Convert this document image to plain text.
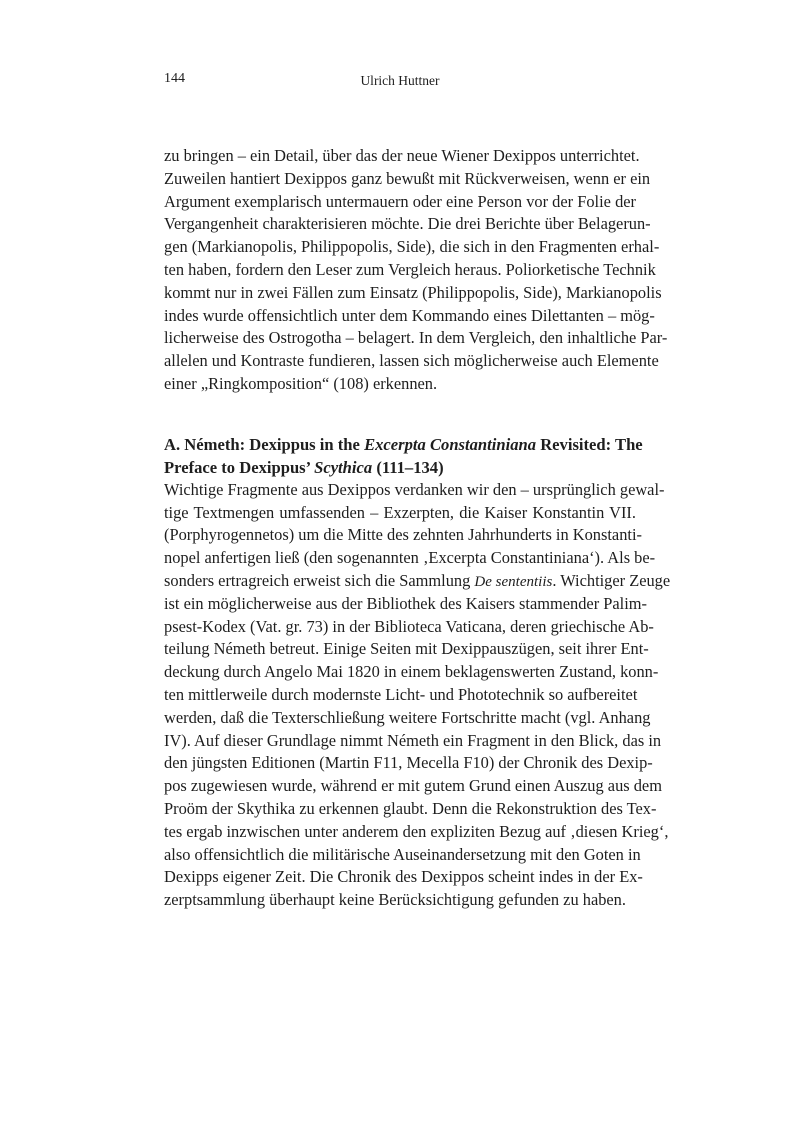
144	Ulrich Huttner

zu bringen – ein Detail, über das der neue Wiener Dexippos unterrichtet.
Zuweilen hantiert Dexippos ganz bewußt mit Rückverweisen, wenn er ein
Argument exemplarisch untermauern oder eine Person vor der Folie der
Vergangenheit charakterisieren möchte. Die drei Berichte über Belagerun-
gen (Markianopolis, Philippopolis, Side), die sich in den Fragmenten erhal-
ten haben, fordern den Leser zum Vergleich heraus. Poliorketische Technik
kommt nur in zwei Fällen zum Einsatz (Philippopolis, Side), Markianopolis
indes wurde offensichtlich unter dem Kommando eines Dilettanten – mög-
licherweise des Ostrogotha – belagert. In dem Vergleich, den inhaltliche Par-
allelen und Kontraste fundieren, lassen sich möglicherweise auch Elemente
einer „Ringkomposition“ (108) erkennen.

A. Németh: Dexippus in the Excerpta Constantiniana Revisited: The
Preface to Dexippus’ Scythica (111–134)

Wichtige Fragmente aus Dexippos verdanken wir den – ursprünglich gewal-
tige Textmengen umfassenden – Exzerpten, die Kaiser Konstantin VII.
(Porphyrogennetos) um die Mitte des zehnten Jahrhunderts in Konstanti-
nopel anfertigen ließ (den sogenannten ‚Excerpta Constantiniana‘). Als be-
sonders ertragreich erweist sich die Sammlung De sententiis. Wichtiger Zeuge
ist ein möglicherweise aus der Bibliothek des Kaisers stammender Palim-
psest-Kodex (Vat. gr. 73) in der Biblioteca Vaticana, deren griechische Ab-
teilung Németh betreut. Einige Seiten mit Dexippauszügen, seit ihrer Ent-
deckung durch Angelo Mai 1820 in einem beklagenswerten Zustand, konn-
ten mittlerweile durch modernste Licht- und Phototechnik so aufbereitet
werden, daß die Texterschließung weitere Fortschritte macht (vgl. Anhang
IV). Auf dieser Grundlage nimmt Németh ein Fragment in den Blick, das in
den jüngsten Editionen (Martin F11, Mecella F10) der Chronik des Dexip-
pos zugewiesen wurde, während er mit gutem Grund einen Auszug aus dem
Proöm der Skythika zu erkennen glaubt. Denn die Rekonstruktion des Tex-
tes ergab inzwischen unter anderem den expliziten Bezug auf ‚diesen Krieg‘,
also offensichtlich die militärische Auseinandersetzung mit den Goten in
Dexipps eigener Zeit. Die Chronik des Dexippos scheint indes in der Ex-
zerptsammlung überhaupt keine Berücksichtigung gefunden zu haben.
